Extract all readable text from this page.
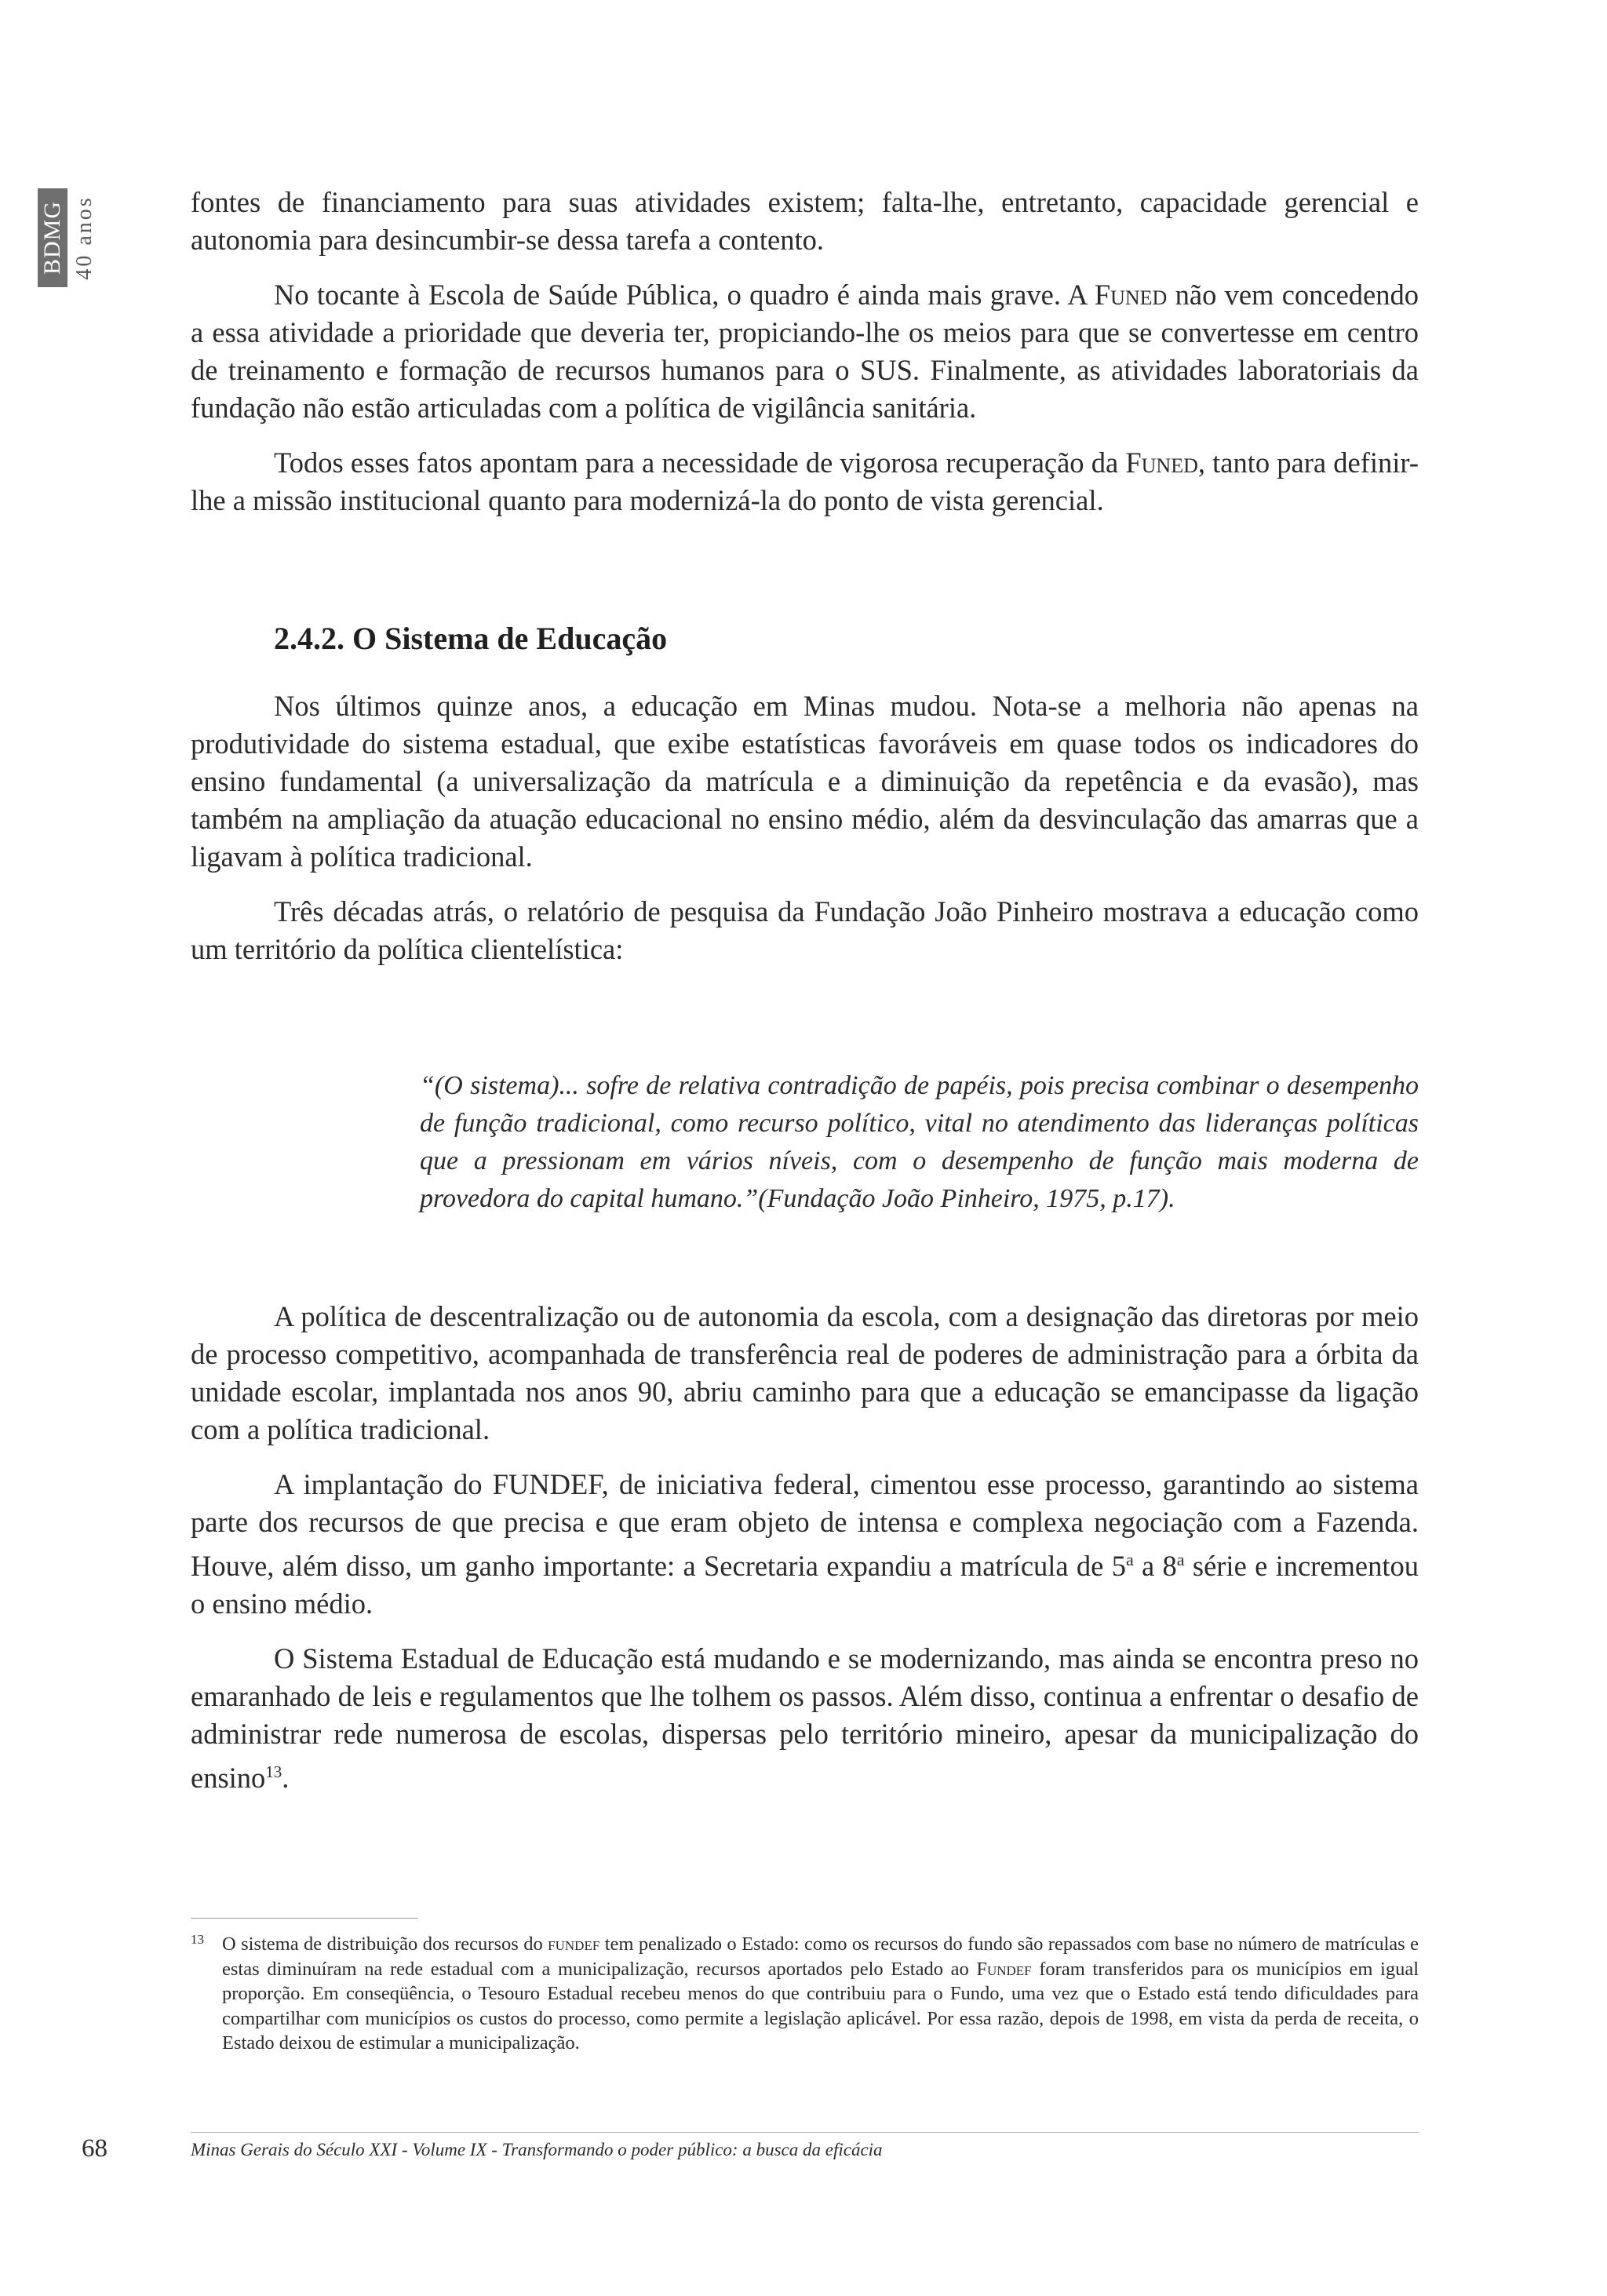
BDMG 40 anos	fontes de financiamento para suas atividades existem; falta-lhe, entretanto, capacidade gerencial e autonomia para desincumbir-se dessa tarefa a contento.

No tocante à Escola de Saúde Pública, o quadro é ainda mais grave. A Funed não vem concedendo a essa atividade a prioridade que deveria ter, propiciando-lhe os meios para que se convertesse em centro de treinamento e formação de recursos humanos para o SUS. Finalmente, as atividades laboratoriais da fundação não estão articuladas com a política de vigilância sanitária.

Todos esses fatos apontam para a necessidade de vigorosa recuperação da Funed, tanto para definir-lhe a missão institucional quanto para modernizá-la do ponto de vista gerencial.

2.4.2. O Sistema de Educação

Nos últimos quinze anos, a educação em Minas mudou. Nota-se a melhoria não apenas na produtividade do sistema estadual, que exibe estatísticas favoráveis em quase todos os indicadores do ensino fundamental (a universalização da matrícula e a diminuição da repetência e da evasão), mas também na ampliação da atuação educacional no ensino médio, além da desvinculação das amarras que a ligavam à política tradicional.

Três décadas atrás, o relatório de pesquisa da Fundação João Pinheiro mostrava a educação como um território da política clientelística:

“(O sistema)... sofre de relativa contradição de papéis, pois precisa combinar o desempenho de função tradicional, como recurso político, vital no atendimento das lideranças políticas que a pressionam em vários níveis, com o desempenho de função mais moderna de provedora do capital humano.”(Fundação João Pinheiro, 1975, p.17).

A política de descentralização ou de autonomia da escola, com a designação das diretoras por meio de processo competitivo, acompanhada de transferência real de poderes de administração para a órbita da unidade escolar, implantada nos anos 90, abriu caminho para que a educação se emancipasse da ligação com a política tradicional.

A implantação do FUNDEF, de iniciativa federal, cimentou esse processo, garantindo ao sistema parte dos recursos de que precisa e que eram objeto de intensa e complexa negociação com a Fazenda. Houve, além disso, um ganho importante: a Secretaria expandiu a matrícula de 5$^a$ a 8$^a$ série e incrementou o ensino médio.

O Sistema Estadual de Educação está mudando e se modernizando, mas ainda se encontra preso no emaranhado de leis e regulamentos que lhe tolhem os passos. Além disso, continua a enfrentar o desafio de administrar rede numerosa de escolas, dispersas pelo território mineiro, apesar da municipalização do ensino$^{13}$.

13 O sistema de distribuição dos recursos do fundef tem penalizado o Estado: como os recursos do fundo são repassados com base no número de matrículas e estas diminuíram na rede estadual com a municipalização, recursos aportados pelo Estado ao Fundef foram transferidos para os municípios em igual proporção. Em conseqüência, o Tesouro Estadual recebeu menos do que contribuiu para o Fundo, uma vez que o Estado está tendo dificuldades para compartilhar com municípios os custos do processo, como permite a legislação aplicável. Por essa razão, depois de 1998, em vista da perda de receita, o Estado deixou de estimular a municipalização.

68	Minas Gerais do Século XXI - Volume IX - Transformando o poder público: a busca da eficácia
